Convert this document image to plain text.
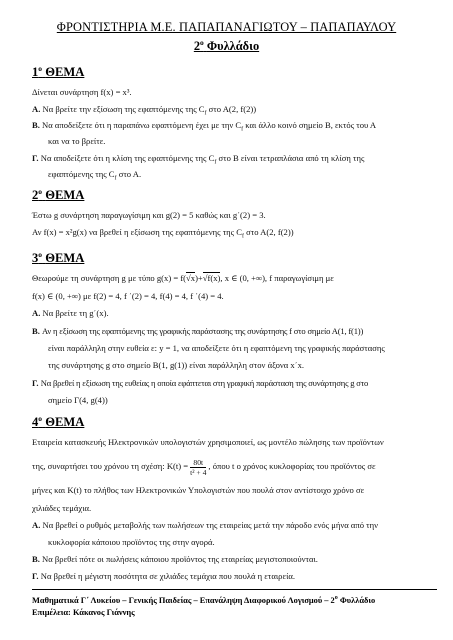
ΦΡΟΝΤΙΣΤΗΡΙΑ Μ.Ε. ΠΑΠΑΠΑΝΑΓΙΩΤΟΥ – ΠΑΠΑΠΑΥΛΟΥ
$2^o$ Φυλλάδιο
$1^o$ ΘΕΜΑ
Δίνεται συνάρτηση f(x) = x³.
Α. Να βρείτε την εξίσωση της εφαπτόμενης της $C_f$ στο Α(2, f(2))
Β. Να αποδείξετε ότι η παραπάνω εφαπτόμενη έχει με την $C_f$ και άλλο κοινό σημείο Β, εκτός του Α
και να το βρείτε.
Γ. Να αποδείξετε ότι η κλίση της εφαπτόμενης της $C_f$ στο Β είναι τετραπλάσια από τη κλίση της
εφαπτόμενης της $C_f$ στο Α.
$2^o$ ΘΕΜΑ
Έστω g συνάρτηση παραγωγίσιμη και g(2) = 5 καθώς και g΄(2) = 3.
Αν f(x) = x²g(x) να βρεθεί η εξίσωση της εφαπτόμενης της $C_f$ στο Α(2, f(2))
$3^o$ ΘΕΜΑ
Θεωρούμε τη συνάρτηση g με τύπο g(x) = f(√x)+√f(x), x ∈ (0, +∞), f παραγωγίσιμη με
f(x) ∈ (0, +∞) με f(2) = 4, f ΄(2) = 4, f(4) = 4, f ΄(4) = 4.
Α. Να βρείτε τη g΄(x).
Β. Αν η εξίσωση της εφαπτόμενης της γραφικής παράστασης της συνάρτησης f στο σημείο Α(1, f(1))
είναι παράλληλη στην ευθεία ε: y = 1, να αποδείξετε ότι η εφαπτόμενη της γραφικής παράστασης
της συνάρτησης g στο σημείο Β(1, g(1)) είναι παράλληλη στον άξονα x΄x.
Γ. Να βρεθεί η εξίσωση της ευθείας η οποία εφάπτεται στη γραφική παράσταση της συνάρτησης g στο
σημείο Γ(4, g(4))
$4^o$ ΘΕΜΑ
Εταιρεία κατασκευής Ηλεκτρονικών υπολογιστών χρησιμοποιεί, ως μοντέλο πώλησης των προϊόντων
της, συναρτήσει του χρόνου τη σχέση: $K(t) = \frac{80t}{\text{t² + 4}}$ , όπου t ο χρόνος κυκλοφορίας του προϊόντος σε
μήνες και K(t) το πλήθος των Ηλεκτρονικών Υπολογιστών που πουλά στον αντίστοιχο χρόνο σε
χιλιάδες τεμάχια.
Α. Να βρεθεί ο ρυθμός μεταβολής των πωλήσεων της εταιρείας μετά την πάροδο ενός μήνα από την
κυκλοφορία κάποιου προϊόντος της στην αγορά.
Β. Να βρεθεί πότε οι πωλήσεις κάποιου προϊόντος της εταιρείας μεγιστοποιούνται.
Γ. Να βρεθεί η μέγιστη ποσότητα σε χιλιάδες τεμάχια που πουλά η εταιρεία.
Μαθηματικά Γ΄ Λυκείου – Γενικής Παιδείας – Επανάληψη Διαφορικού Λογισμού – $2^o$ Φυλλάδιο
Επιμέλεια: Κάκανος Γιάννης
